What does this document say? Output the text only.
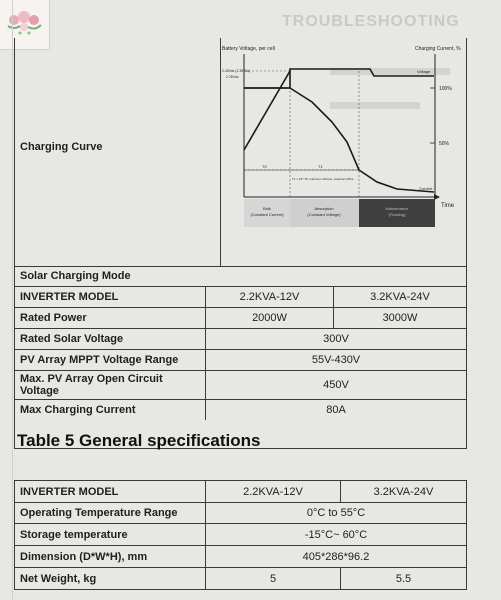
TROUBLESHOOTING
Charging Curve
Solar Charging Mode
INVERTER MODEL	2.2KVA-12V	3.2KVA-24V
Rated Power	2000W	3000W
Rated Solar Voltage	300V
PV Array MPPT Voltage Range	55V-430V
Max. PV Array Open Circuit Voltage	450V
Max Charging Current	80A
Battery Voltage, per cell	Charging Current, %
2.43Vdc (2.35Vdc)
2.25Vdc
100%
50%
Voltage
Current
T0	T1
T1 = 10* T0, minimum 10mins, maximum 8hrs
Time
Bulk
(Constant Current)
Absorption
(Constant Voltage)
Maintenance
(Floating)
Table 5 General specifications
INVERTER MODEL	2.2KVA-12V	3.2KVA-24V
Operating Temperature Range	0°C to 55°C
Storage temperature	-15°C~ 60°C
Dimension (D*W*H), mm	405*286*96.2
Net Weight, kg	5	5.5
